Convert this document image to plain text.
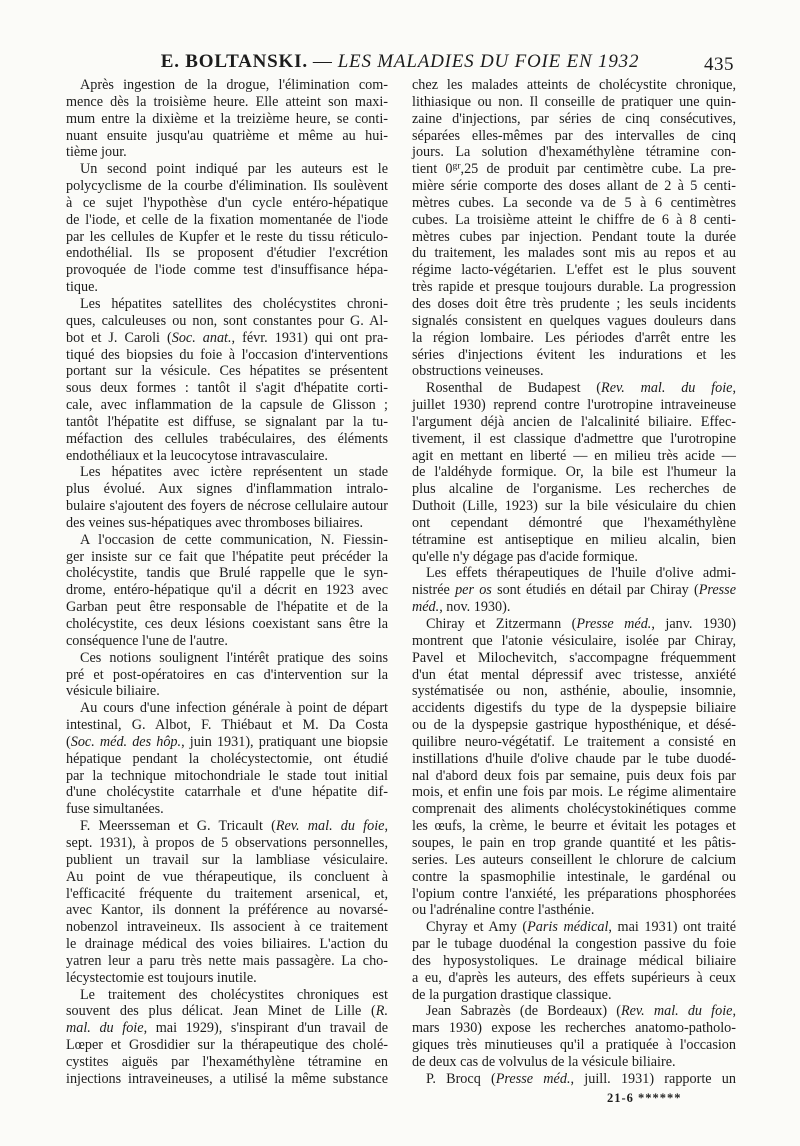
E. BOLTANSKI. — LES MALADIES DU FOIE EN 1932	435
Après ingestion de la drogue, l'élimination com-
mence dès la troisième heure. Elle atteint son maxi-
mum entre la dixième et la treizième heure, se conti-
nuant ensuite jusqu'au quatrième et même au hui-
tième jour.
Un second point indiqué par les auteurs est le
polycyclisme de la courbe d'élimination. Ils soulèvent
à ce sujet l'hypothèse d'un cycle entéro-hépatique
de l'iode, et celle de la fixation momentanée de l'iode
par les cellules de Kupfer et le reste du tissu réticulo-
endothélial. Ils se proposent d'étudier l'excrétion
provoquée de l'iode comme test d'insuffisance hépa-
tique.
Les hépatites satellites des cholécystites chroni-
ques, calculeuses ou non, sont constantes pour G. Al-
bot et J. Caroli (Soc. anat., févr. 1931) qui ont pra-
tiqué des biopsies du foie à l'occasion d'interventions
portant sur la vésicule. Ces hépatites se présentent
sous deux formes : tantôt il s'agit d'hépatite corti-
cale, avec inflammation de la capsule de Glisson ;
tantôt l'hépatite est diffuse, se signalant par la tu-
méfaction des cellules trabéculaires, des éléments
endothéliaux et la leucocytose intravasculaire.
Les hépatites avec ictère représentent un stade
plus évolué. Aux signes d'inflammation intralo-
bulaire s'ajoutent des foyers de nécrose cellulaire autour
des veines sus-hépatiques avec thromboses biliaires.
A l'occasion de cette communication, N. Fiessin-
ger insiste sur ce fait que l'hépatite peut précéder la
cholécystite, tandis que Brulé rappelle que le syn-
drome, entéro-hépatique qu'il a décrit en 1923 avec
Garban peut être responsable de l'hépatite et de la
cholécystite, ces deux lésions coexistant sans être la
conséquence l'une de l'autre.
Ces notions soulignent l'intérêt pratique des soins
pré et post-opératoires en cas d'intervention sur la
vésicule biliaire.
Au cours d'une infection générale à point de départ
intestinal, G. Albot, F. Thiébaut et M. Da Costa
(Soc. méd. des hôp., juin 1931), pratiquant une biopsie
hépatique pendant la cholécystectomie, ont étudié
par la technique mitochondriale le stade tout initial
d'une cholécystite catarrhale et d'une hépatite dif-
fuse simultanées.
F. Meersseman et G. Tricault (Rev. mal. du foie,
sept. 1931), à propos de 5 observations personnelles,
publient un travail sur la lambliase vésiculaire.
Au point de vue thérapeutique, ils concluent à
l'efficacité fréquente du traitement arsenical, et,
avec Kantor, ils donnent la préférence au novarsé-
nobenzol intraveineux. Ils associent à ce traitement
le drainage médical des voies biliaires. L'action du
yatren leur a paru très nette mais passagère. La cho-
lécystectomie est toujours inutile.
Le traitement des cholécystites chroniques est
souvent des plus délicat. Jean Minet de Lille (R.
mal. du foie, mai 1929), s'inspirant d'un travail de
Lœper et Grosdidier sur la thérapeutique des cholé-
cystites aiguës par l'hexaméthylène tétramine en
injections intraveineuses, a utilisé la même substance
chez les malades atteints de cholécystite chronique,
lithiasique ou non. Il conseille de pratiquer une quin-
zaine d'injections, par séries de cinq consécutives,
séparées elles-mêmes par des intervalles de cinq
jours. La solution d'hexaméthylène tétramine con-
tient $0^{gr},25$ de produit par centimètre cube. La pre-
mière série comporte des doses allant de 2 à 5 centi-
mètres cubes. La seconde va de 5 à 6 centimètres
cubes. La troisième atteint le chiffre de 6 à 8 centi-
mètres cubes par injection. Pendant toute la durée
du traitement, les malades sont mis au repos et au
régime lacto-végétarien. L'effet est le plus souvent
très rapide et presque toujours durable. La progression
des doses doit être très prudente ; les seuls incidents
signalés consistent en quelques vagues douleurs dans
la région lombaire. Les périodes d'arrêt entre les
séries d'injections évitent les indurations et les
obstructions veineuses.
Rosenthal de Budapest (Rev. mal. du foie,
juillet 1930) reprend contre l'urotropine intraveineuse
l'argument déjà ancien de l'alcalinité biliaire. Effec-
tivement, il est classique d'admettre que l'urotropine
agit en mettant en liberté — en milieu très acide —
de l'aldéhyde formique. Or, la bile est l'humeur la
plus alcaline de l'organisme. Les recherches de
Duthoit (Lille, 1923) sur la bile vésiculaire du chien
ont cependant démontré que l'hexaméthylène
tétramine est antiseptique en milieu alcalin, bien
qu'elle n'y dégage pas d'acide formique.
Les effets thérapeutiques de l'huile d'olive admi-
nistrée per os sont étudiés en détail par Chiray (Presse
méd., nov. 1930).
Chiray et Zitzermann (Presse méd., janv. 1930)
montrent que l'atonie vésiculaire, isolée par Chiray,
Pavel et Milochevitch, s'accompagne fréquemment
d'un état mental dépressif avec tristesse, anxiété
systématisée ou non, asthénie, aboulie, insomnie,
accidents digestifs du type de la dyspepsie biliaire
ou de la dyspepsie gastrique hyposthénique, et désé-
quilibre neuro-végétatif. Le traitement a consisté en
instillations d'huile d'olive chaude par le tube duodé-
nal d'abord deux fois par semaine, puis deux fois par
mois, et enfin une fois par mois. Le régime alimentaire
comprenait des aliments cholécystokinétiques comme
les œufs, la crème, le beurre et évitait les potages et
soupes, le pain en trop grande quantité et les pâtis-
series. Les auteurs conseillent le chlorure de calcium
contre la spasmophilie intestinale, le gardénal ou
l'opium contre l'anxiété, les préparations phosphorées
ou l'adrénaline contre l'asthénie.
Chyray et Amy (Paris médical, mai 1931) ont traité
par le tubage duodénal la congestion passive du foie
des hyposystoliques. Le drainage médical biliaire
a eu, d'après les auteurs, des effets supérieurs à ceux
de la purgation drastique classique.
Jean Sabrazès (de Bordeaux) (Rev. mal. du foie,
mars 1930) expose les recherches anatomo-patholo-
giques très minutieuses qu'il a pratiquée à l'occasion
de deux cas de volvulus de la vésicule biliaire.
P. Brocq (Presse méd., juill. 1931) rapporte un
21-6 ******
